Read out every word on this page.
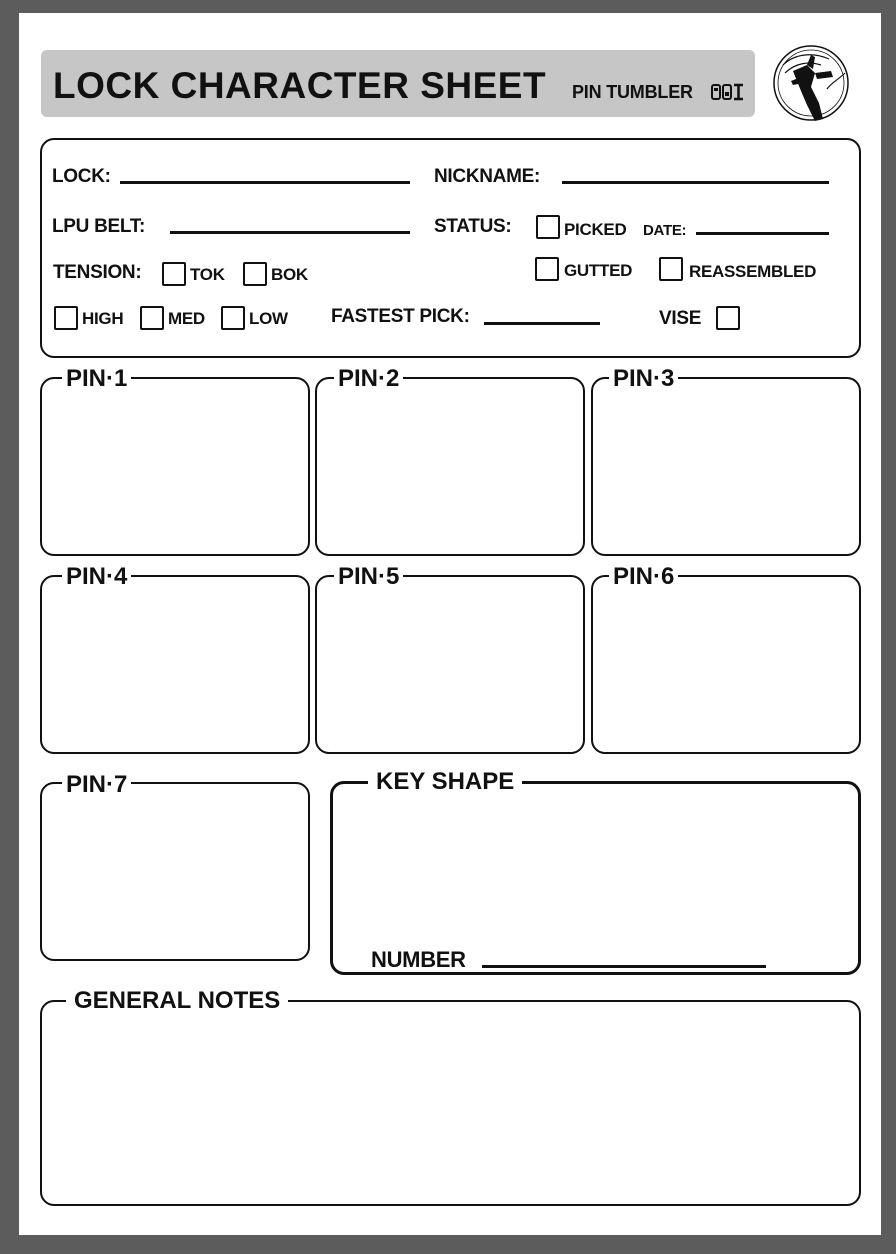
LOCK CHARACTER SHEET PIN TUMBLER
LOCK:	NICKNAME:
LPU BELT:	STATUS:	PICKED DATE:
TENSION:	TOK	BOK	GUTTED	REASSEMBLED
HIGH	MED	LOW FASTEST PICK:	VISE
PIN·1	PIN·2	PIN·3
PIN·4	PIN·5	PIN·6
PIN·7	KEY SHAPE
NUMBER
GENERAL NOTES
